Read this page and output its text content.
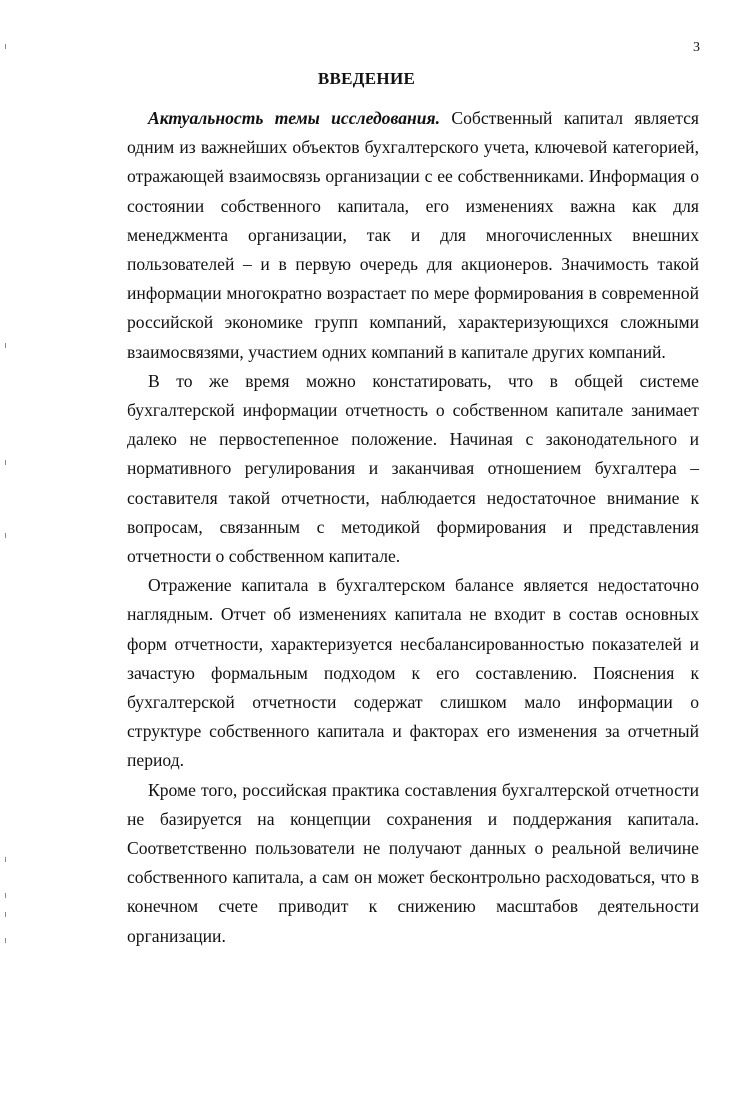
3
ВВЕДЕНИЕ

Актуальность темы исследования. Собственный капитал является одним из важнейших объектов бухгалтерского учета, ключевой категорией, отражающей взаимосвязь организации с ее собственниками. Информация о состоянии собственного капитала, его изменениях важна как для менеджмента организации, так и для многочисленных внешних пользователей – и в первую очередь для акционеров. Значимость такой информации многократно возрастает по мере формирования в современной российской экономике групп компаний, характеризующихся сложными взаимосвязями, участием одних компаний в капитале других компаний.

В то же время можно констатировать, что в общей системе бухгалтерской информации отчетность о собственном капитале занимает далеко не первостепенное положение. Начиная с законодательного и нормативного регулирования и заканчивая отношением бухгалтера – составителя такой отчетности, наблюдается недостаточное внимание к вопросам, связанным с методикой формирования и представления отчетности о собственном капитале.

Отражение капитала в бухгалтерском балансе является недостаточно наглядным. Отчет об изменениях капитала не входит в состав основных форм отчетности, характеризуется несбалансированностью показателей и зачастую формальным подходом к его составлению. Пояснения к бухгалтерской отчетности содержат слишком мало информации о структуре собственного капитала и факторах его изменения за отчетный период.

Кроме того, российская практика составления бухгалтерской отчетности не базируется на концепции сохранения и поддержания капитала. Соответственно пользователи не получают данных о реальной величине собственного капитала, а сам он может бесконтрольно расходоваться, что в конечном счете приводит к снижению масштабов деятельности организации.
